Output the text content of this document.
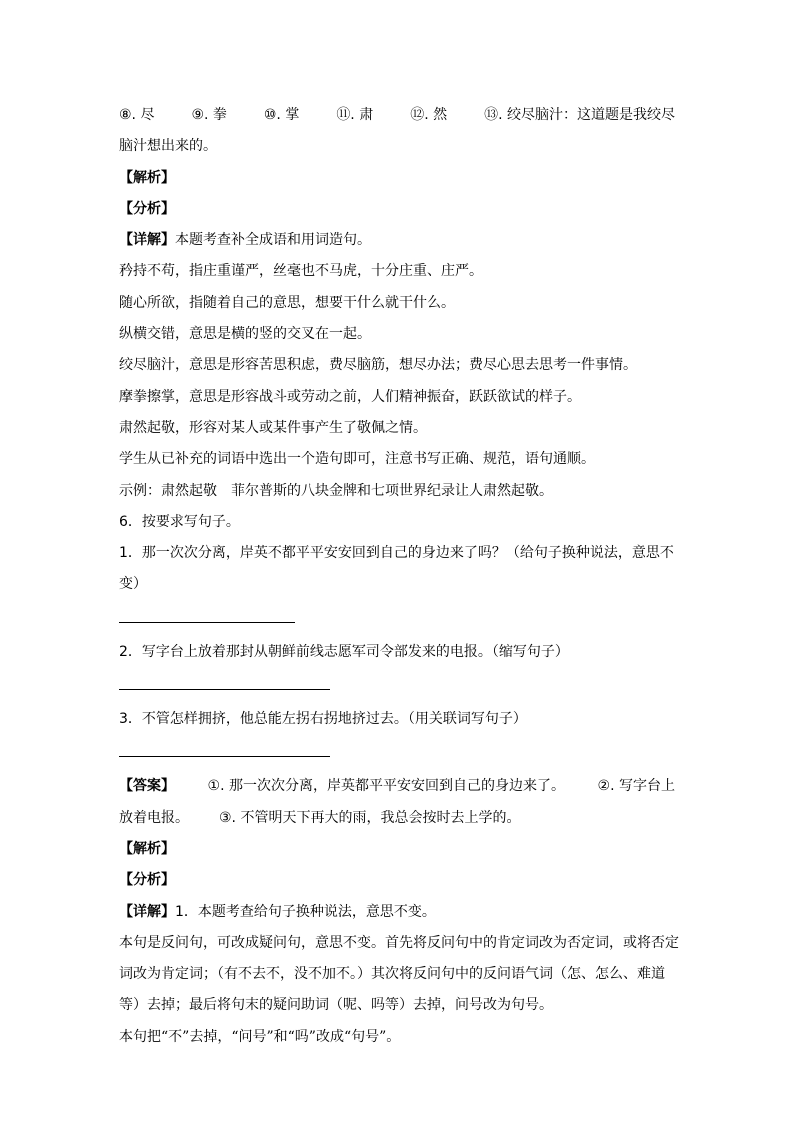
⑧. 尽	⑨. 拳	⑩. 掌	⑪. 肃	⑫. 然	⑬. 绞尽脑汁：这道题是我绞尽
脑汁想出来的。
【解析】
【分析】
【详解】本题考查补全成语和用词造句。
矜持不苟，指庄重谨严，丝毫也不马虎，十分庄重、庄严。
随心所欲，指随着自己的意思，想要干什么就干什么。
纵横交错，意思是横的竖的交叉在一起。
绞尽脑汁，意思是形容苦思积虑，费尽脑筋，想尽办法；费尽心思去思考一件事情。
摩拳擦掌，意思是形容战斗或劳动之前，人们精神振奋，跃跃欲试的样子。
肃然起敬，形容对某人或某件事产生了敬佩之情。
学生从已补充的词语中选出一个造句即可，注意书写正确、规范，语句通顺。
示例：肃然起敬　菲尔普斯的八块金牌和七项世界纪录让人肃然起敬。
6．按要求写句子。
1．那一次次分离，岸英不都平平安安回到自己的身边来了吗？（给句子换种说法，意思不
变）
2．写字台上放着那封从朝鲜前线志愿军司令部发来的电报。（缩写句子）
3．不管怎样拥挤，他总能左拐右拐地挤过去。（用关联词写句子）
【答案】 ①. 那一次次分离，岸英都平平安安回到自己的身边来了。 ②. 写字台上
放着电报。 ③. 不管明天下再大的雨，我总会按时去上学的。
【解析】
【分析】
【详解】1．本题考查给句子换种说法，意思不变。
本句是反问句，可改成疑问句，意思不变。首先将反问句中的肯定词改为否定词，或将否定
词改为肯定词；（有不去不，没不加不。）其次将反问句中的反问语气词（怎、怎么、难道
等）去掉；最后将句末的疑问助词（呢、吗等）去掉，问号改为句号。
本句把“不”去掉，“问号”和“吗”改成“句号”。
